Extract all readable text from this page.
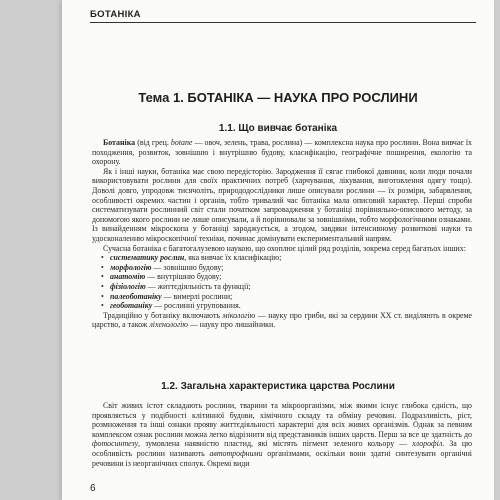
БОТАНІКА
Тема 1. БОТАНІКА — НАУКА ПРО РОСЛИНИ
1.1. Що вивчає ботаніка

Ботаніка (від грец. botane — овоч, зелень, трава, рослина) — комплексна наука про рослини. Вона вивчає їх походження, розвиток, зовнішню і внутрішню будову, класифікацію, географічне поширення, екологію та охорону.

Як і інші науки, ботаніка має свою передісторію. Зародження її сягає глибокої давнини, коли люди почали використовувати рослини для своїх практичних потреб (харчування, лікування, виготовлення одягу тощо). Доволі довго, упродовж тисячоліть, природодослідники лише описували рослини — їх розміри, забарвлення, особливості окремих частин і органів, тобто тривалий час ботаніка мала описовий характер. Перші спроби систематизувати рослинний світ стали початком запровадження у ботаніці порівняльно-описового методу, за допомогою якого рослини не лише описували, а й порівнювали за зовнішніми, тобто морфологічними ознаками. Із винайденням мікроскопа у ботаніці зароджується, а згодом, завдяки інтенсивному розвиткові науки та удосконаленню мікроскопічної техніки, починає домінувати експериментальний напрям.

Сучасна ботаніка є багатогалузевою наукою, що охоплює цілий ряд розділів, зокрема серед багатьох інших:

• систематику рослин, яка вивчає їх класифікацію;
• морфологію — зовнішню будову;
• анатомію — внутрішню будову;
• фізіологію — життєдіяльність та функції;
• палеоботаніку — вимерлі рослини;
• геоботаніку — рослинні угруповання.

Традиційно у ботаніку включають мікологію — науку про гриби, які за сердини XX ст. виділяють в окреме царство, а також ліхенологію — науку про лишайники.

1.2. Загальна характеристика царства Рослини

Світ живих істот складають рослини, тварини та мікроорганізми, між якими існує глибока єдність, що проявляється у подібності клітинної будови, хімічного складу та обміну речовин. Подразливість, ріст, розмноження та інші ознаки прояву життєдіяльності характерні для всіх живих організмів. Однак за певним комплексом ознак рослини можна легко відрізнити від представників інших царств. Перш за все це здатність до фотосинтезу, зумовлена наявністю пластид, які містять пігмент зеленого кольору — хлорофіл. За цю особливість рослини називають автотрофними організмами, оскільки вони здатні синтезувати органічні речовини із неорганічних сполук. Окремі види

6
